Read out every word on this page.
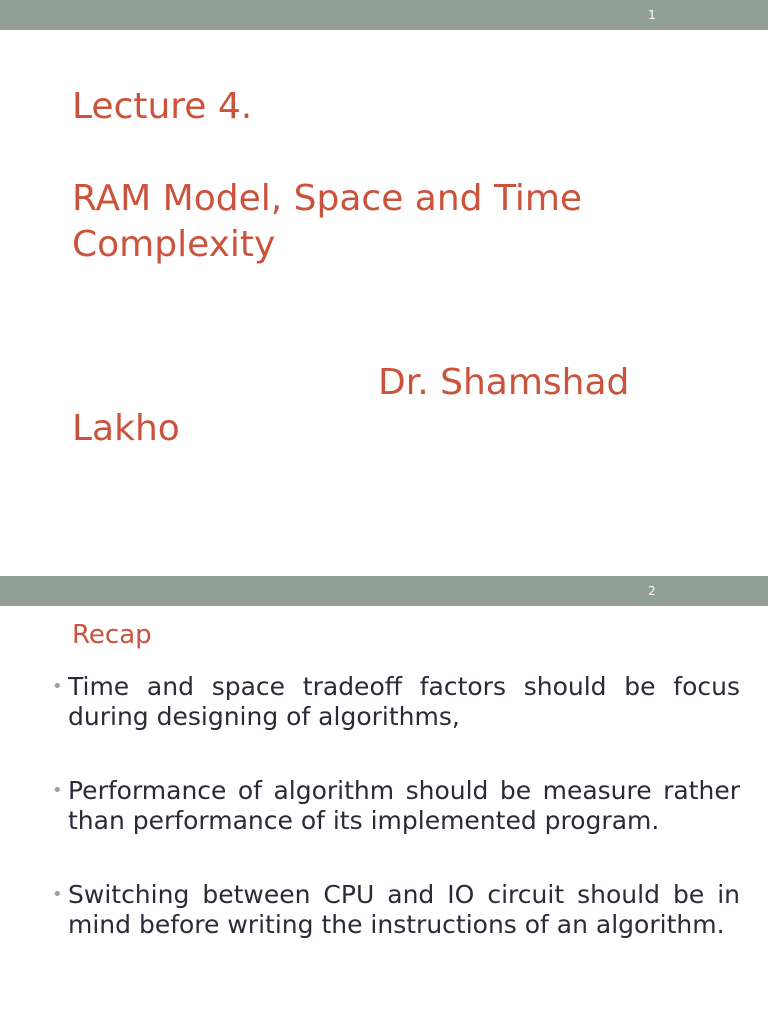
1
Lecture 4.
RAM Model, Space and Time
Complexity
Dr. Shamshad
Lakho
2
Recap
• Time and space tradeoff factors should be focus during designing of algorithms,
• Performance of algorithm should be measure rather than performance of its implemented program.
• Switching between CPU and IO circuit should be in mind before writing the instructions of an algorithm.
